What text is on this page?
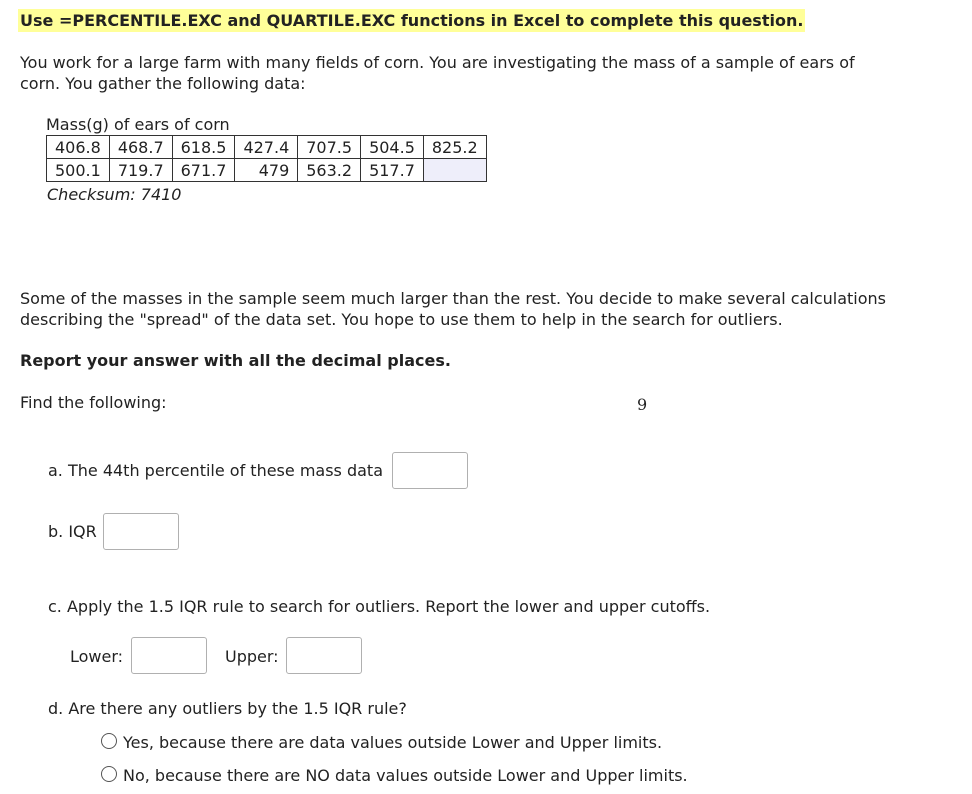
Use =PERCENTILE.EXC and QUARTILE.EXC functions in Excel to complete this question.
You work for a large farm with many fields of corn. You are investigating the mass of a sample of ears of
corn. You gather the following data:
Mass(g) of ears of corn
406.8	468.7	618.5	427.4	707.5	504.5	825.2
500.1	719.7	671.7	479	563.2	517.7	
Checksum: 7410
Some of the masses in the sample seem much larger than the rest. You decide to make several calculations
describing the "spread" of the data set. You hope to use them to help in the search for outliers.
Report your answer with all the decimal places.
Find the following:	9
a. The 44th percentile of these mass data
b. IQR
c. Apply the 1.5 IQR rule to search for outliers. Report the lower and upper cutoffs.
Lower:	Upper:
d. Are there any outliers by the 1.5 IQR rule?
Yes, because there are data values outside Lower and Upper limits.
No, because there are NO data values outside Lower and Upper limits.
